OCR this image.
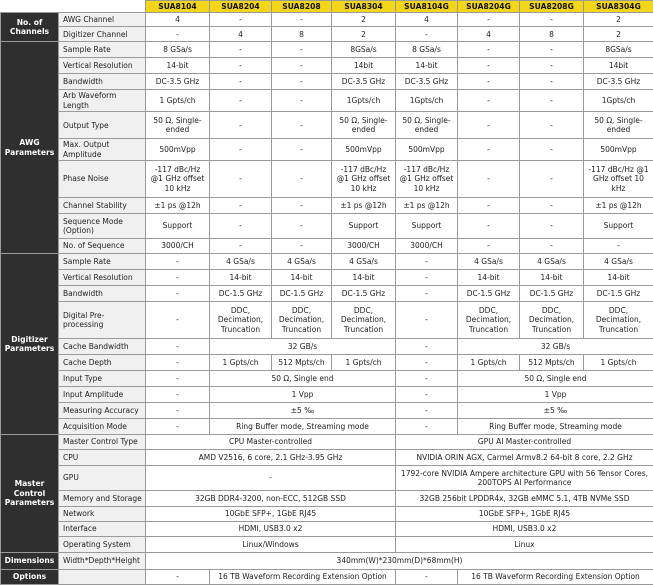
		SUA8104	SUA8204	SUA8208	SUA8304	SUA8104G	SUA8204G	SUA8208G	SUA8304G
No. of Channels	AWG Channel	4	-	-	2	4	-	-	2
	Digitizer Channel	-	4	8	2	-	4	8	2
AWG Parameters	Sample Rate	8 GSa/s	-	-	8GSa/s	8 GSa/s	-	-	8GSa/s
	Vertical Resolution	14-bit	-	-	14bit	14-bit	-	-	14bit
	Bandwidth	DC-3.5 GHz	-	-	DC-3.5 GHz	DC-3.5 GHz	-	-	DC-3.5 GHz
	Arb Waveform Length	1 Gpts/ch	-	-	1Gpts/ch	1Gpts/ch	-	-	1Gpts/ch
	Output Type	50 Ω, Single-ended	-	-	50 Ω, Single-ended	50 Ω, Single-ended	-	-	50 Ω, Single-ended
	Max. Output Amplitude	500mVpp	-	-	500mVpp	500mVpp	-	-	500mVpp
	Phase Noise	-117 dBc/Hz @1 GHz offset 10 kHz	-	-	-117 dBc/Hz @1 GHz offset 10 kHz	-117 dBc/Hz @1 GHz offset 10 kHz	-	-	-117 dBc/Hz @1 GHz offset 10 kHz
	Channel Stability	±1 ps @12h	-	-	±1 ps @12h	±1 ps @12h	-	-	±1 ps @12h
	Sequence Mode (Option)	Support	-	-	Support	Support	-	-	Support
	No. of Sequence	3000/CH	-	-	3000/CH	3000/CH	-	-	-
Digitizer Parameters	Sample Rate	-	4 GSa/s	4 GSa/s	4 GSa/s	-	4 GSa/s	4 GSa/s	4 GSa/s
	Vertical Resolution	-	14-bit	14-bit	14-bit	-	14-bit	14-bit	14-bit
	Bandwidth	-	DC-1.5 GHz	DC-1.5 GHz	DC-1.5 GHz	-	DC-1.5 GHz	DC-1.5 GHz	DC-1.5 GHz
	Digital Pre-processing	-	DDC, Decimation, Truncation	DDC, Decimation, Truncation	DDC, Decimation, Truncation	-	DDC, Decimation, Truncation	DDC, Decimation, Truncation	DDC, Decimation, Truncation
	Cache Bandwidth	-	32 GB/s			-	32 GB/s		
	Cache Depth	-	1 Gpts/ch	512 Mpts/ch	1 Gpts/ch	-	1 Gpts/ch	512 Mpts/ch	1 Gpts/ch
	Input Type	-	50 Ω, Single end			-	50 Ω, Single end		
	Input Amplitude	-	1 Vpp			-	1 Vpp		
	Measuring Accuracy	-	±5 ‰			-	±5 ‰		
	Acquisition Mode	-	Ring Buffer mode, Streaming mode			-	Ring Buffer mode, Streaming mode		
Master Control Parameters	Master Control Type	CPU Master-controlled				GPU AI Master-controlled			
	CPU	AMD V2516, 6 core, 2.1 GHz-3.95 GHz				NVIDIA ORIN AGX, Carmel Armv8.2 64-bit 8 core, 2.2 GHz			
	GPU	-				1792-core NVIDIA Ampere architecture GPU with 56 Tensor Cores, 200TOPS AI Performance			
	Memory and Storage	32GB DDR4-3200, non-ECC, 512GB SSD				32GB 256bit LPDDR4x, 32GB eMMC 5.1, 4TB NVMe SSD			
	Network	10GbE SFP+, 1GbE RJ45				10GbE SFP+, 1GbE RJ45			
	Interface	HDMI, USB3.0 x2				HDMI, USB3.0 x2			
	Operating System	Linux/Windows				Linux			
Dimensions	Width*Depth*Height	340mm(W)*230mm(D)*68mm(H)							
Options		-	16 TB Waveform Recording Extension Option			-	16 TB Waveform Recording Extension Option		
